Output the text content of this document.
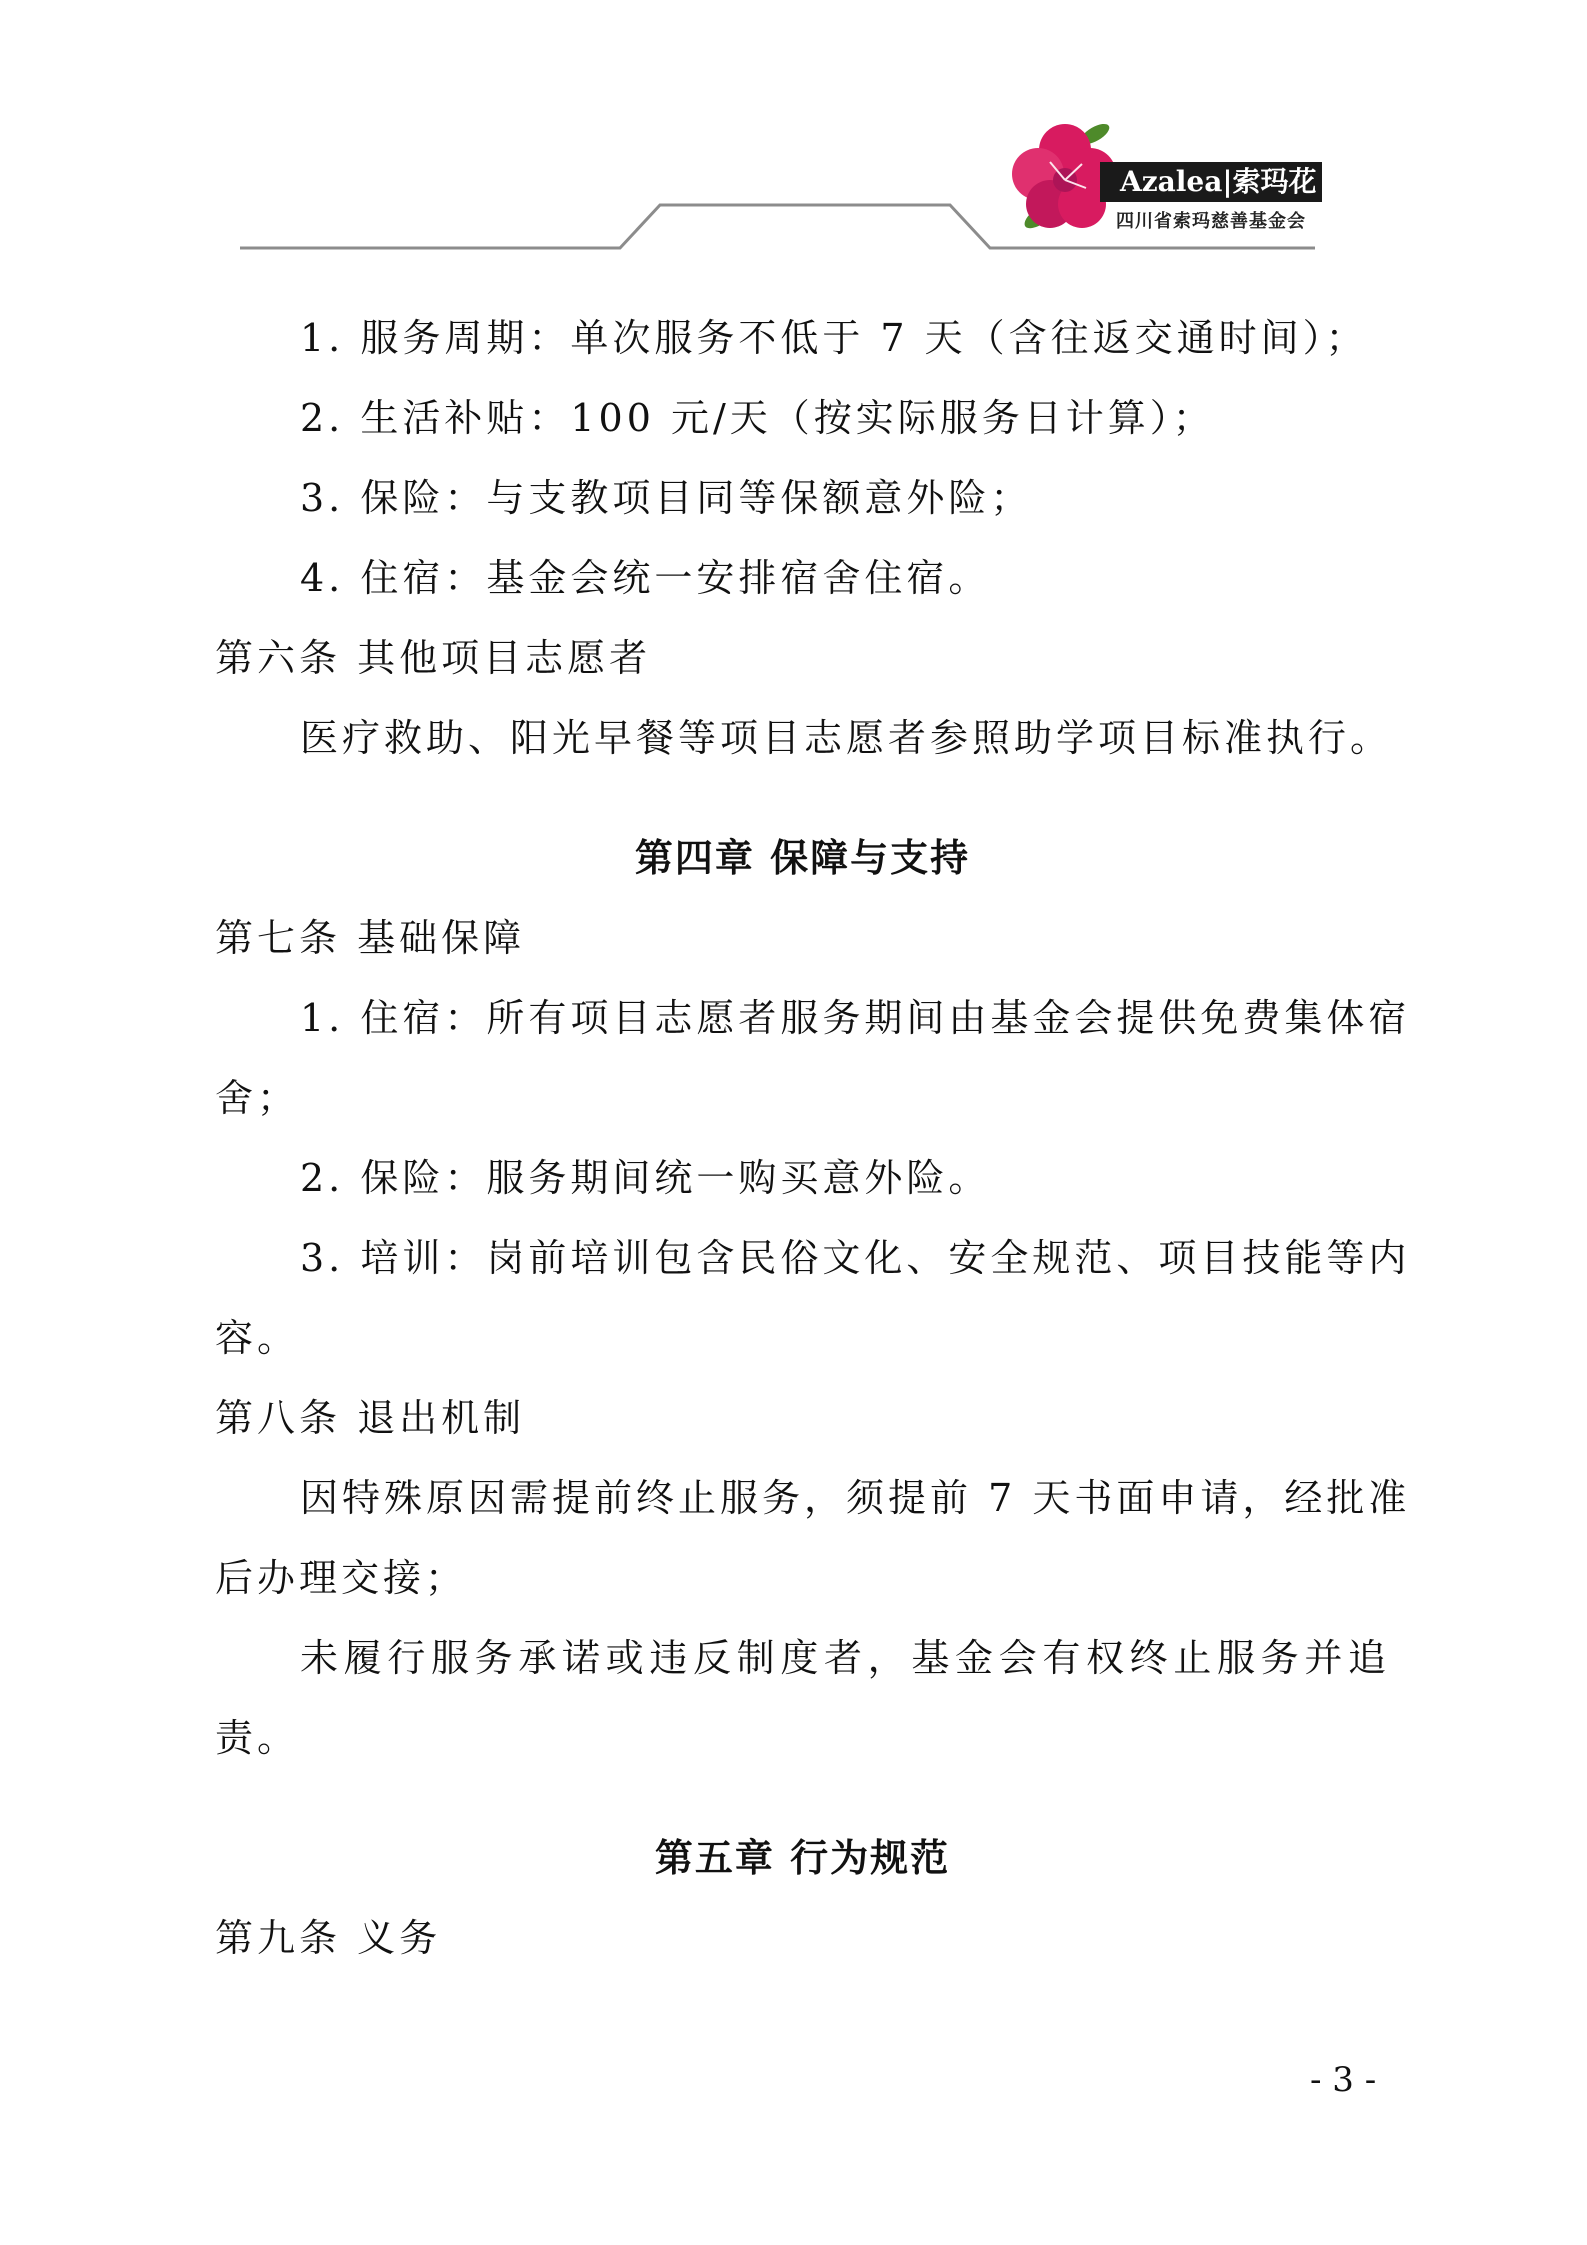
Azalea|索玛花
四川省索玛慈善基金会
1. 服务周期：单次服务不低于 7 天（含往返交通时间）；
2. 生活补贴：100 元/天（按实际服务日计算）；
3. 保险：与支教项目同等保额意外险；
4. 住宿：基金会统一安排宿舍住宿。
第六条 其他项目志愿者
医疗救助、阳光早餐等项目志愿者参照助学项目标准执行。
第四章 保障与支持
第七条 基础保障
1. 住宿：所有项目志愿者服务期间由基金会提供免费集体宿
舍；
2. 保险：服务期间统一购买意外险。
3. 培训：岗前培训包含民俗文化、安全规范、项目技能等内
容。
第八条 退出机制
因特殊原因需提前终止服务，须提前 7 天书面申请，经批准
后办理交接；
未履行服务承诺或违反制度者，基金会有权终止服务并追
责。
第五章 行为规范
第九条 义务
- 3 -
